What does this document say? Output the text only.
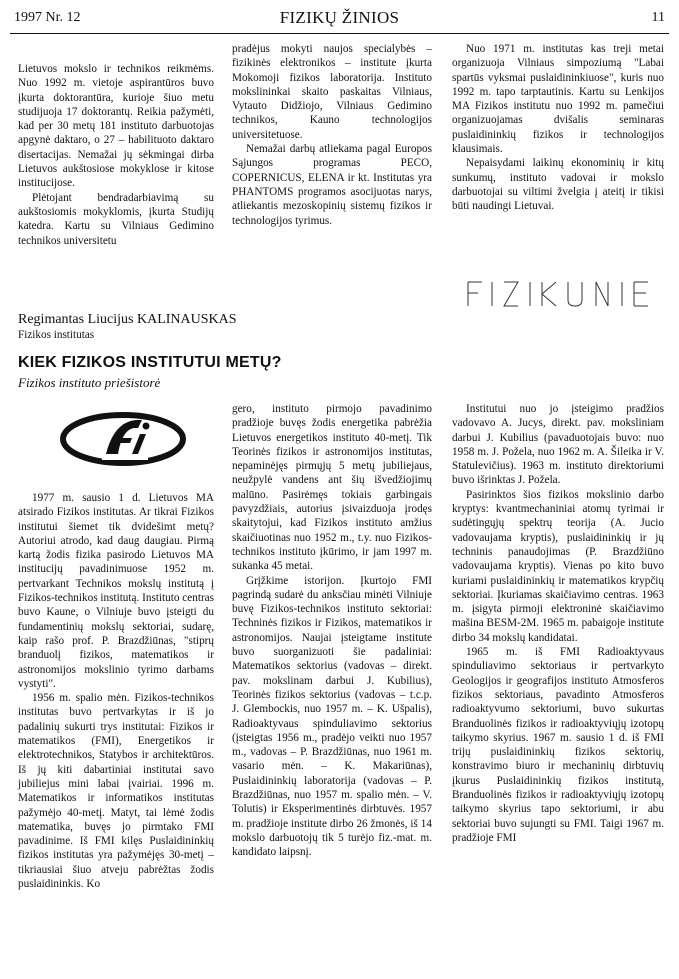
1997 Nr. 12	FIZIKŲ ŽINIOS	11

Lietuvos mokslo ir technikos reikmėms. Nuo 1992 m. vietoje aspirantūros buvo įkurta doktorantūra, kurioje šiuo metu studijuoja 17 doktorantų. Reikia pažymėti, kad per 30 metų 181 instituto darbuotojas apgynė daktaro, o 27 – habilituoto daktaro disertacijas. Nemažai jų sėkmingai dirba Lietuvos aukštosiose mokyklose ir kitose institucijose.

Plėtojant bendradarbiavimą su aukštosiomis mokyklomis, įkurta Studijų katedra. Kartu su Vilniaus Gedimino technikos universitetu

pradėjus mokyti naujos specialybės – fizikinės elektronikos – institute įkurta Mokomoji fizikos laboratorija. Instituto mokslininkai skaito paskaitas Vilniaus, Vytauto Didžiojo, Vilniaus Gedimino technikos, Kauno technologijos universitetuose.

Nemažai darbų atliekama pagal Europos Sąjungos programas PECO, COPERNICUS, ELENA ir kt. Institutas yra PHANTOMS programos asocijuotas narys, atliekantis mezoskopinių sistemų fizikos ir technologijos tyrimus.

Nuo 1971 m. institutas kas treji metai organizuoja Vilniaus simpoziumą "Labai spartūs vyksmai puslaidininkiuose", kuris nuo 1992 m. tapo tarptautinis. Kartu su Lenkijos MA Fizikos institutu nuo 1992 m. pamečiui organizuojamas dvišalis seminaras puslaidininkių fizikos ir technologijos klausimais.

Nepaisydami laikinų ekonominių ir kitų sunkumų, instituto vadovai ir mokslo darbuotojai su viltimi žvelgia į ateitį ir tikisi būti naudingi Lietuvai.

Regimantas Liucijus KALINAUSKAS
Fizikos institutas
KIEK FIZIKOS INSTITUTUI METŲ?
Fizikos instituto priešistorė

1977 m. sausio 1 d. Lietuvos MA atsirado Fizikos institutas. Ar tikrai Fizikos institutui šiemet tik dvidešimt metų? Autoriui atrodo, kad daug daugiau. Pirmą kartą žodis fizika pasirodo Lietuvos MA institucijų pavadinimuose 1952 m. pertvarkant Technikos mokslų institutą į Fizikos-technikos institutą. Instituto centras buvo Kaune, o Vilniuje buvo įsteigti du fundamentinių mokslų sektoriai, sudarę, kaip rašo prof. P. Brazdžiūnas, "stiprų branduolį fizikos, matematikos ir astronomijos mokslinio tyrimo darbams vystyti".

1956 m. spalio mėn. Fizikos-technikos institutas buvo pertvarkytas ir iš jo padalinių sukurti trys institutai: Fizikos ir matematikos (FMI), Energetikos ir elektrotechnikos, Statybos ir architektūros. Iš jų kiti dabartiniai institutai savo jubiliejus mini labai įvairiai. 1996 m. Matematikos ir informatikos institutas pažymėjo 40-metį. Matyt, tai lėmė žodis matematika, buvęs jo pirmtako FMI pavadinime. Iš FMI kilęs Puslaidininkių fizikos institutas yra pažymėjęs 30-metį – tikriausiai šiuo atveju pabrėžtas žodis puslaidininkis. Ko

gero, instituto pirmojo pavadinimo pradžioje buvęs žodis energetika pabrėžia Lietuvos energetikos instituto 40-metį. Tik Teorinės fizikos ir astronomijos institutas, nepaminėjęs pirmųjų 5 metų jubiliejaus, neužpylė vandens ant šių išvedžiojimų malūno. Pasirėmęs tokiais garbingais pavyzdžiais, autorius įsivaizduoja įrodęs skaitytojui, kad Fizikos instituto amžius skaičiuotinas nuo 1952 m., t.y. nuo Fizikos-technikos instituto įkūrimo, ir jam 1997 m. sukanka 45 metai.

Grįžkime istorijon. Įkurtojo FMI pagrindą sudarė du anksčiau minėti Vilniuje buvę Fizikos-technikos instituto sektoriai: Techninės fizikos ir Fizikos, matematikos ir astronomijos. Naujai įsteigtame institute buvo suorganizuoti šie padaliniai: Matematikos sektorius (vadovas – direkt. pav. mokslinam darbui J. Kubilius), Teorinės fizikos sektorius (vadovas – t.c.p. J. Glembockis, nuo 1957 m. – K. Ušpalis), Radioaktyvaus spinduliavimo sektorius (įsteigtas 1956 m., pradėjo veikti nuo 1957 m., vadovas – P. Brazdžiūnas, nuo 1961 m. vasario mėn. – K. Makariūnas), Puslaidininkių laboratorija (vadovas – P. Brazdžiūnas, nuo 1957 m. spalio mėn. – V. Tolutis) ir Eksperimentinės dirbtuvės. 1957 m. pradžioje institute dirbo 26 žmonės, iš 14 mokslo darbuotojų tik 5 turėjo fiz.-mat. m. kandidato laipsnį.

Institutui nuo jo įsteigimo pradžios vadovavo A. Jucys, direkt. pav. moksliniam darbui J. Kubilius (pavaduotojais buvo: nuo 1958 m. J. Poželа, nuo 1962 m. A. Šileika ir V. Statulevičius). 1963 m. instituto direktoriumi buvo išrinktas J. Poželа.

Pasirinktos šios fizikos mokslinio darbo kryptys: kvantmechaniniai atomų tyrimai ir sudėtingųjų spektrų teorija (A. Jucio vadovaujama kryptis), puslaidininkių ir jų techninis panaudojimas (P. Brazdžiūno vadovaujama kryptis). Vienas po kito buvo kuriami puslaidininkių ir matematikos krypčių sektoriai. Įkuriamas skaičiavimo centras. 1963 m. įsigyta pirmoji elektroninė skaičiavimo mašina BESM-2M. 1965 m. pabaigoje institute dirbo 34 mokslų kandidatai.

1965 m. iš FMI Radioaktyvaus spinduliavimo sektoriaus ir pertvarkyto Geologijos ir geografijos instituto Atmosferos fizikos sektoriaus, pavadinto Atmosferos radioaktyvumo sektoriumi, buvo sukurtas Branduolinės fizikos ir radioaktyviųjų izotopų taikymo skyrius. 1967 m. sausio 1 d. iš FMI trijų puslaidininkių fizikos sektorių, konstravimo biuro ir mechaninių dirbtuvių įkurus Puslaidininkių fizikos institutą, Branduolinės fizikos ir radioaktyviųjų izotopų taikymo skyrius tapo sektoriumi, ir abu sektoriai buvo sujungti su FMI. Taigi 1967 m. pradžioje FMI
